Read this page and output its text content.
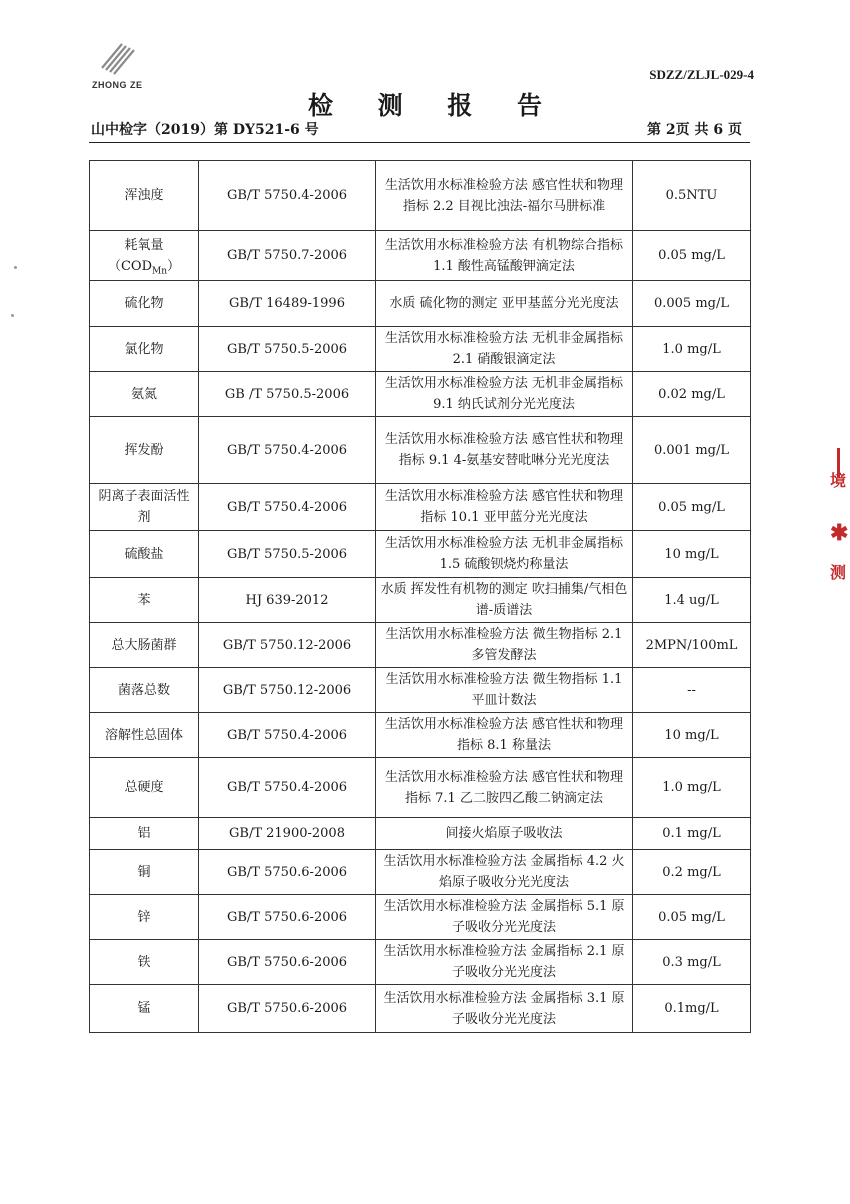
ZHONG ZE
SDZZ/ZLJL-029-4
检 测 报 告
山中检字（2019）第 DY521-6 号	第 2页 共 6 页
浑浊度	GB/T 5750.4-2006	生活饮用水标准检验方法 感官性状和物理指标 2.2 目视比浊法-福尔马肼标准	0.5NTU
耗氧量
$(COD_{Mn})$	GB/T 5750.7-2006	生活饮用水标准检验方法 有机物综合指标 1.1 酸性高锰酸钾滴定法	0.05 mg/L
硫化物	GB/T 16489-1996	水质 硫化物的测定 亚甲基蓝分光光度法	0.005 mg/L
氯化物	GB/T 5750.5-2006	生活饮用水标准检验方法 无机非金属指标 2.1 硝酸银滴定法	1.0 mg/L
氨氮	GB /T 5750.5-2006	生活饮用水标准检验方法 无机非金属指标 9.1 纳氏试剂分光光度法	0.02 mg/L
挥发酚	GB/T 5750.4-2006	生活饮用水标准检验方法 感官性状和物理指标 9.1 4-氨基安替吡啉分光光度法	0.001 mg/L
阴离子表面活性剂	GB/T 5750.4-2006	生活饮用水标准检验方法 感官性状和物理指标 10.1 亚甲蓝分光光度法	0.05 mg/L
硫酸盐	GB/T 5750.5-2006	生活饮用水标准检验方法 无机非金属指标 1.5 硫酸钡烧灼称量法	10 mg/L
苯	HJ 639-2012	水质 挥发性有机物的测定 吹扫捕集/气相色谱-质谱法	1.4 ug/L
总大肠菌群	GB/T 5750.12-2006	生活饮用水标准检验方法 微生物指标 2.1 多管发酵法	2MPN/100mL
菌落总数	GB/T 5750.12-2006	生活饮用水标准检验方法 微生物指标 1.1 平皿计数法	--
溶解性总固体	GB/T 5750.4-2006	生活饮用水标准检验方法 感官性状和物理指标 8.1 称量法	10 mg/L
总硬度	GB/T 5750.4-2006	生活饮用水标准检验方法 感官性状和物理指标 7.1 乙二胺四乙酸二钠滴定法	1.0 mg/L
铝	GB/T 21900-2008	间接火焰原子吸收法	0.1 mg/L
铜	GB/T 5750.6-2006	生活饮用水标准检验方法 金属指标 4.2 火焰原子吸收分光光度法	0.2 mg/L
锌	GB/T 5750.6-2006	生活饮用水标准检验方法 金属指标 5.1 原子吸收分光光度法	0.05 mg/L
铁	GB/T 5750.6-2006	生活饮用水标准检验方法 金属指标 2.1 原子吸收分光光度法	0.3 mg/L
锰	GB/T 5750.6-2006	生活饮用水标准检验方法 金属指标 3.1 原子吸收分光光度法	0.1mg/L
境
✱
测
